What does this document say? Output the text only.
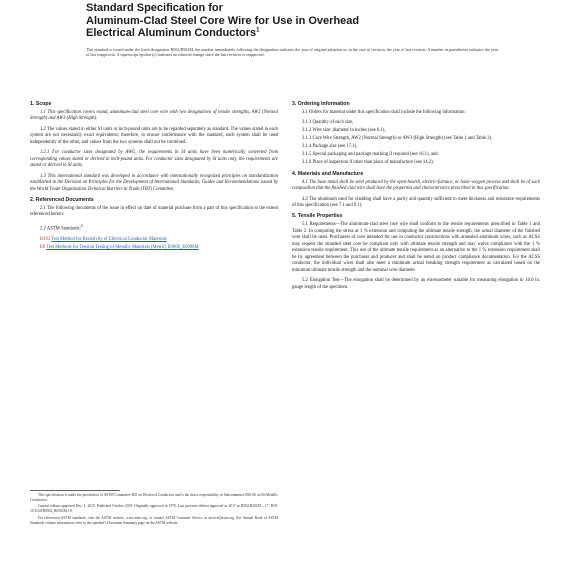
Standard Specification for
Aluminum-Clad Steel Core Wire for Use in Overhead
Electrical Aluminum Conductors$^1$
This standard is issued under the fixed designation B502/B502M; the number immediately following the designation indicates the year of original adoption or, in the case of revision, the year of last revision. A number in parentheses indicates the year of last reapproval. A superscript epsilon (ε) indicates an editorial change since the last revision or reapproval.
1. Scope

1.1 This specification covers round, aluminum-clad steel core wire with two designations of tensile strengths, AW2 (Normal Strength) and AW3 (High Strength).

1.2 The values stated in either SI units or inch-pound units are to be regarded separately as standard. The values stated in each system are not necessarily exact equivalents; therefore, to ensure conformance with the standard, each system shall be used independently of the other, and values from the two systems shall not be combined.

1.2.1 For conductor sizes designated by AWG, the requirements in SI units have been numerically converted from corresponding values stated or derived in inch-pound units. For conductor sizes designated by SI units only, the requirements are stated or derived in SI units.

1.3 This international standard was developed in accordance with internationally recognized principles on standardization established in the Decision on Principles for the Development of International Standards, Guides and Recommendations issued by the World Trade Organization Technical Barriers to Trade (TBT) Committee.

2. Referenced Documents

2.1 The following documents of the issue in effect on date of material purchase form a part of this specification to the extent referenced herein:

2.2 ASTM Standards:$^2$

B193 Test Method for Resistivity of Electrical Conductor Materials
E8 Test Methods for Tension Testing of Metallic Materials (Metric) E0008_E0008M
This specification is under the jurisdiction of ASTM Committee B01 on Electrical Conductors and is the direct responsibility of Subcommittee B01.06 on Bi-Metallic Conductors.
Current edition approved Dec. 1, 2019. Published October 2019. Originally approved in 1970. Last previous edition approved in 2017 as B502/B502M – 17. DOI: 10.1520/B0502_B0502M-19.
For referenced ASTM standards, visit the ASTM website, www.astm.org, or contact ASTM Customer Service at service@astm.org. For Annual Book of ASTM Standards volume information, refer to the standard's Document Summary page on the ASTM website.
3. Ordering Information

3.1 Orders for material under this specification shall include the following information:

3.1.1 Quantity of each size,

3.1.2 Wire size: diameter in inches (see 6.1),

3.1.3 Core Wire Strength, AW2 (Normal Strength) or AW3 (High Strength) (see Table 1 and Table 2),

3.1.4 Package size (see 17.1),

3.1.5 Special packaging and package marking if required (see 16.1), and

3.1.6 Place of inspection if other than place of manufacture (see 14.2).

4. Materials and Manufacture

4.1 The base metal shall be steel produced by the open-hearth, electric-furnace, or basic-oxygen process and shall be of such composition that the finished clad wire shall have the properties and characteristics prescribed in this specification.

4.2 The aluminum used for cladding shall have a purity and quantity sufficient to meet thickness and resistance requirements of this specification (see 7.1 and 9.1).

5. Tensile Properties

5.1 Requirements—The aluminum-clad steel core wire shall conform to the tensile requirements prescribed in Table 1 and Table 2. In computing the stress at 1 % extension and computing the ultimate tensile strength, the actual diameter of the finished wire shall be used. Purchasers of core intended for use in conductor constructions with annealed aluminum wires, such as ACSS may request the stranded steel core be compliant only with ultimate tensile strength and may waive compliance with the 1 % extension tensile requirement. This use of the ultimate tensile requirement as an alternative to the 1 % extension requirement shall be by agreement between the purchaser and producer and shall be noted on product compliance documentation. For the ACSS conductor, the individual wires shall also meet a minimum actual breaking strength requirement as calculated based on the minimum ultimate tensile strength and the nominal wire diameter.

5.2 Elongation Test—The elongation shall be determined by an extensometer suitable for measuring elongation in 10.0 in. gauge length of the specimen.
